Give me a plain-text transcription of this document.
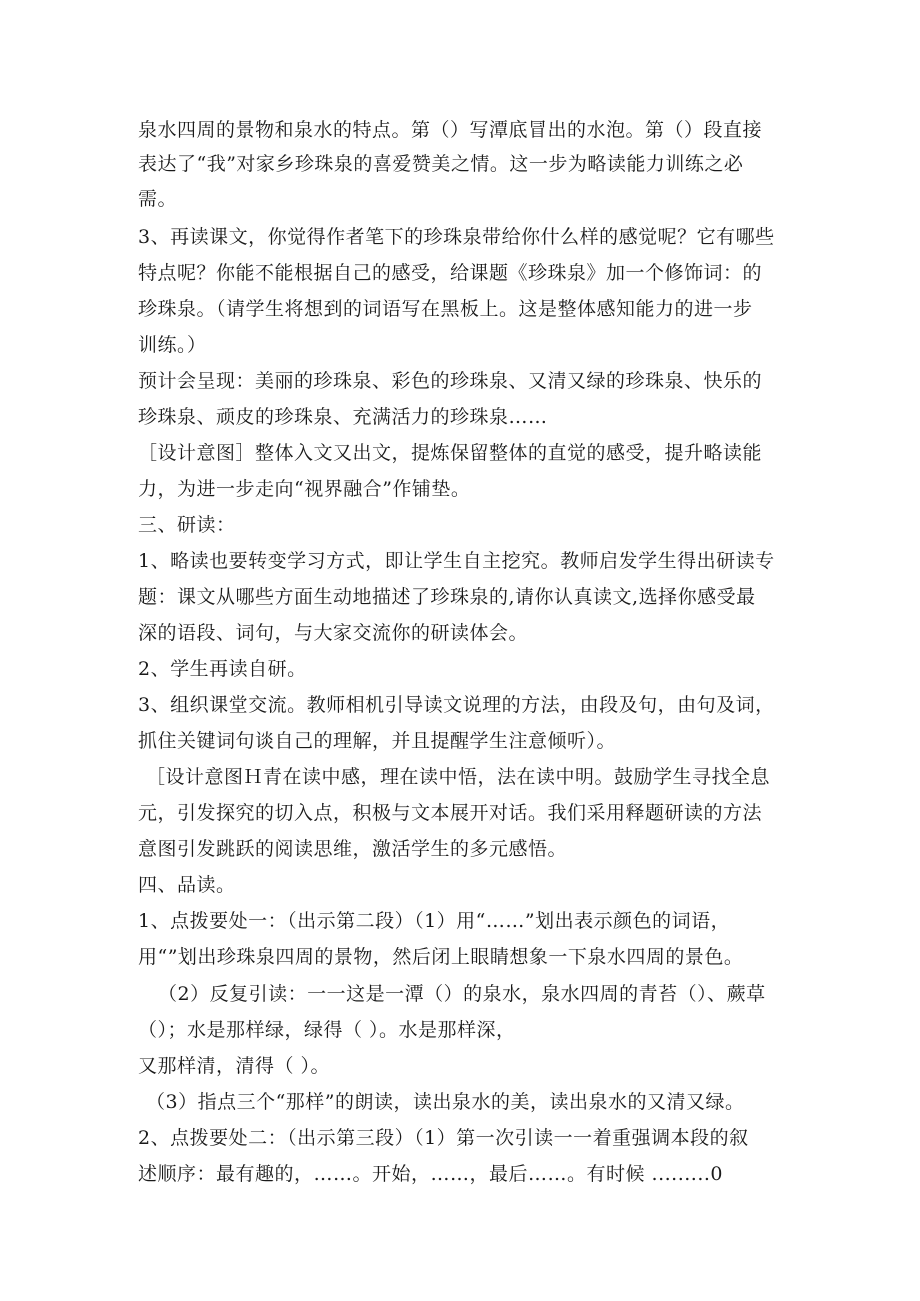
泉水四周的景物和泉水的特点。第（）写潭底冒出的水泡。第（）段直接
表达了“我”对家乡珍珠泉的喜爱赞美之情。这一步为略读能力训练之必
需。
3、再读课文，你觉得作者笔下的珍珠泉带给你什么样的感觉呢？它有哪些
特点呢？你能不能根据自己的感受，给课题《珍珠泉》加一个修饰词：的
珍珠泉。（请学生将想到的词语写在黑板上。这是整体感知能力的进一步
训练。）
预计会呈现：美丽的珍珠泉、彩色的珍珠泉、又清又绿的珍珠泉、快乐的
珍珠泉、顽皮的珍珠泉、充满活力的珍珠泉……
［设计意图］整体入文又出文，提炼保留整体的直觉的感受，提升略读能
力，为进一步走向“视界融合”作铺垫。
三、研读：
1、略读也要转变学习方式，即让学生自主挖究。教师启发学生得出研读专
题：课文从哪些方面生动地描述了珍珠泉的,请你认真读文,选择你感受最
深的语段、词句，与大家交流你的研读体会。
2、学生再读自研。
3、组织课堂交流。教师相机引导读文说理的方法，由段及句，由句及词，
抓住关键词句谈自己的理解，并且提醒学生注意倾听）。
［设计意图Ｈ青在读中感，理在读中悟，法在读中明。鼓励学生寻找全息
元，引发探究的切入点，积极与文本展开对话。我们采用释题研读的方法
意图引发跳跃的阅读思维，激活学生的多元感悟。
四、品读。
1、点拨要处一：（出示第二段）（1）用“……”划出表示颜色的词语，
用“”划出珍珠泉四周的景物，然后闭上眼睛想象一下泉水四周的景色。
（2）反复引读：一一这是一潭（）的泉水，泉水四周的青苔（）、蕨草
（）；水是那样绿，绿得（ ）。水是那样深，
又那样清，清得（ ）。
（3）指点三个“那样”的朗读，读出泉水的美，读出泉水的又清又绿。
2、点拨要处二：（出示第三段）（1）第一次引读一一着重强调本段的叙
述顺序：最有趣的，……。开始，……，最后……。有时候 .........0
